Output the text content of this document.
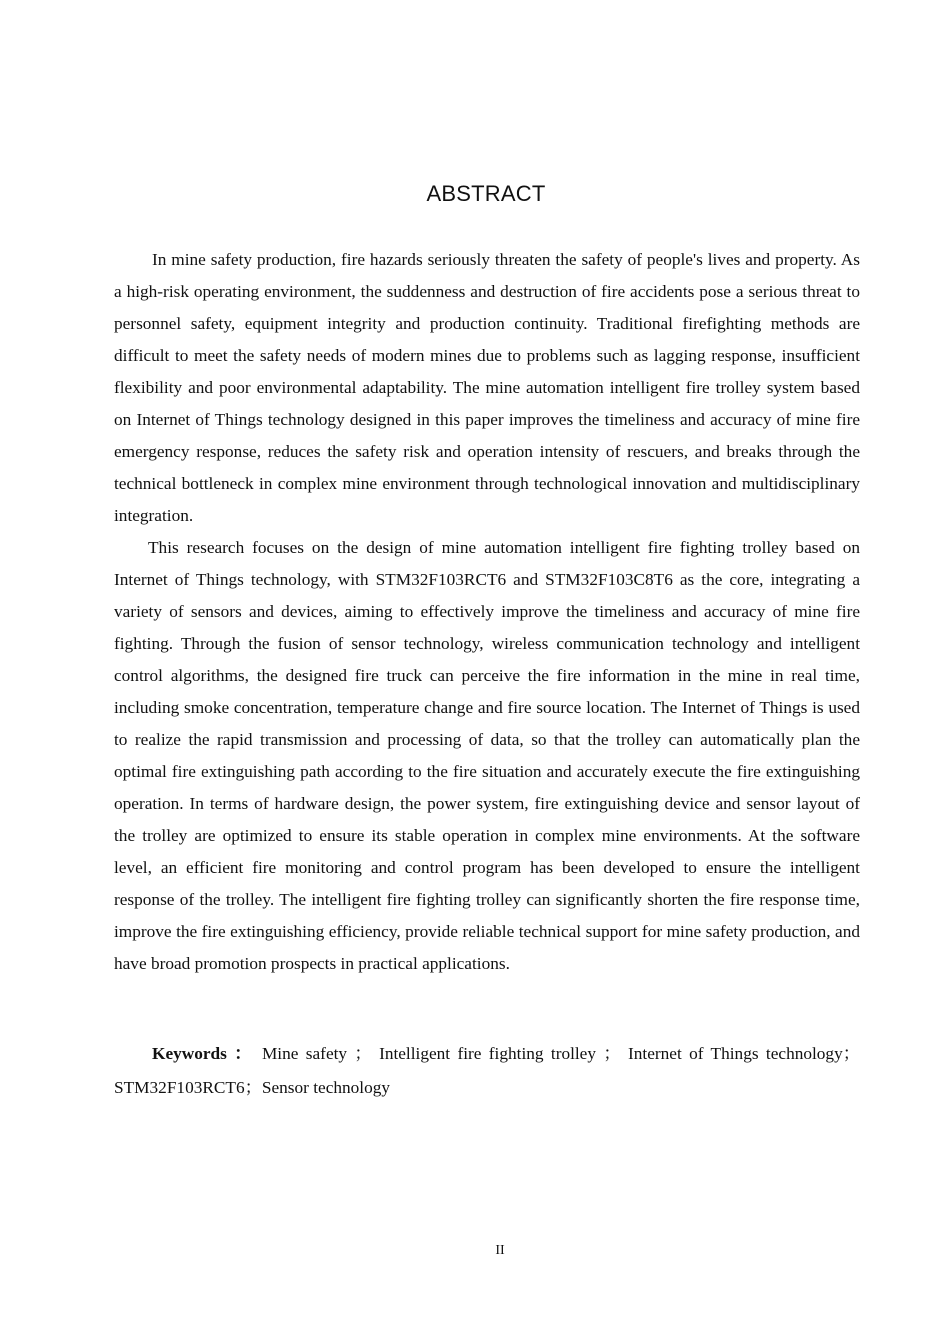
ABSTRACT

In mine safety production, fire hazards seriously threaten the safety of people's lives and property. As a high-risk operating environment, the suddenness and destruction of fire accidents pose a serious threat to personnel safety, equipment integrity and production continuity. Traditional firefighting methods are difficult to meet the safety needs of modern mines due to problems such as lagging response, insufficient flexibility and poor environmental adaptability. The mine automation intelligent fire trolley system based on Internet of Things technology designed in this paper improves the timeliness and accuracy of mine fire emergency response, reduces the safety risk and operation intensity of rescuers, and breaks through the technical bottleneck in complex mine environment through technological innovation and multidisciplinary integration.

This research focuses on the design of mine automation intelligent fire fighting trolley based on Internet of Things technology, with STM32F103RCT6 and STM32F103C8T6 as the core, integrating a variety of sensors and devices, aiming to effectively improve the timeliness and accuracy of mine fire fighting. Through the fusion of sensor technology, wireless communication technology and intelligent control algorithms, the designed fire truck can perceive the fire information in the mine in real time, including smoke concentration, temperature change and fire source location. The Internet of Things is used to realize the rapid transmission and processing of data, so that the trolley can automatically plan the optimal fire extinguishing path according to the fire situation and accurately execute the fire extinguishing operation. In terms of hardware design, the power system, fire extinguishing device and sensor layout of the trolley are optimized to ensure its stable operation in complex mine environments. At the software level, an efficient fire monitoring and control program has been developed to ensure the intelligent response of the trolley. The intelligent fire fighting trolley can significantly shorten the fire response time, improve the fire extinguishing efficiency, provide reliable technical support for mine safety production, and have broad promotion prospects in practical applications.

Keywords ： Mine safety ； Intelligent fire fighting trolley ； Internet of Things technology；STM32F103RCT6；Sensor technology
II
